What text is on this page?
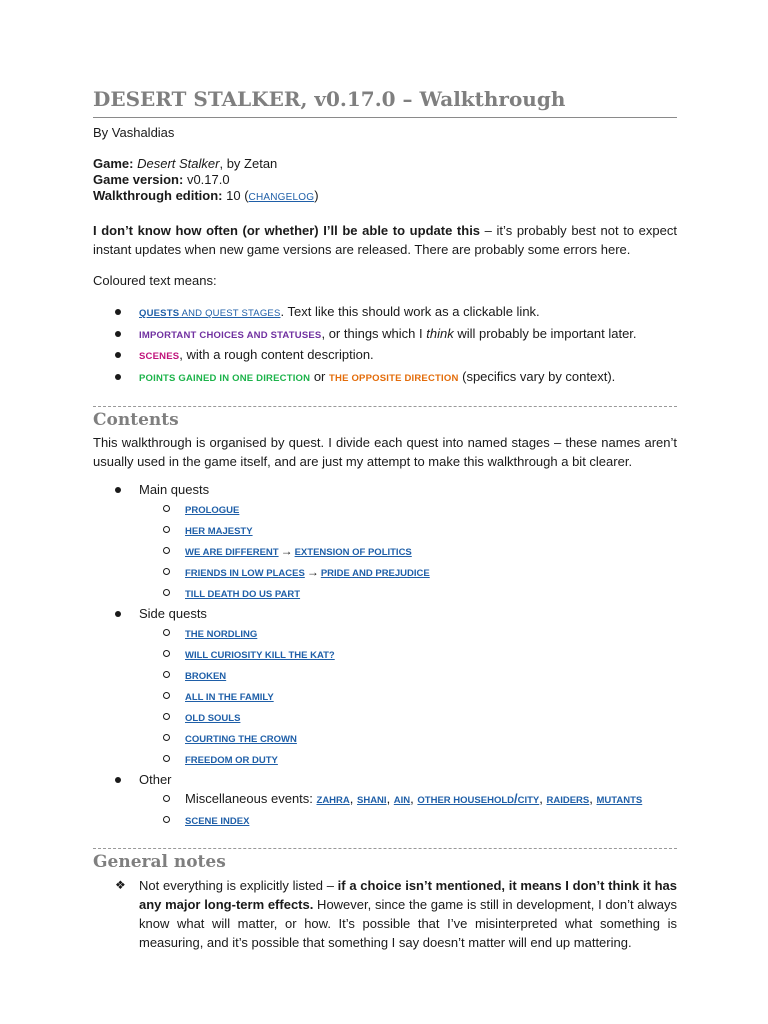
DESERT STALKER, v0.17.0 – Walkthrough
By Vashaldias
Game: Desert Stalker, by Zetan
Game version: v0.17.0
Walkthrough edition: 10 (CHANGELOG)

I don’t know how often (or whether) I’ll be able to update this – it’s probably best not to expect instant updates when new game versions are released. There are probably some errors here.

Coloured text means:

QUESTS AND QUEST STAGES. Text like this should work as a clickable link.
IMPORTANT CHOICES AND STATUSES, or things which I think will probably be important later.
SCENES, with a rough content description.
POINTS GAINED IN ONE DIRECTION or THE OPPOSITE DIRECTION (specifics vary by context).
Contents

This walkthrough is organised by quest. I divide each quest into named stages – these names aren’t usually used in the game itself, and are just my attempt to make this walkthrough a bit clearer.

Main quests
PROLOGUE
HER MAJESTY
WE ARE DIFFERENT → EXTENSION OF POLITICS
FRIENDS IN LOW PLACES → PRIDE AND PREJUDICE
TILL DEATH DO US PART
Side quests
THE NORDLING
WILL CURIOSITY KILL THE KAT?
BROKEN
ALL IN THE FAMILY
OLD SOULS
COURTING THE CROWN
FREEDOM OR DUTY
Other
Miscellaneous events: ZAHRA, SHANI, AIN, OTHER HOUSEHOLD/CITY, RAIDERS, MUTANTS
SCENE INDEX
General notes
❖ Not everything is explicitly listed – if a choice isn’t mentioned, it means I don’t think it has any major long-term effects. However, since the game is still in development, I don’t always know what will matter, or how. It’s possible that I’ve misinterpreted what something is measuring, and it’s possible that something I say doesn’t matter will end up mattering.
